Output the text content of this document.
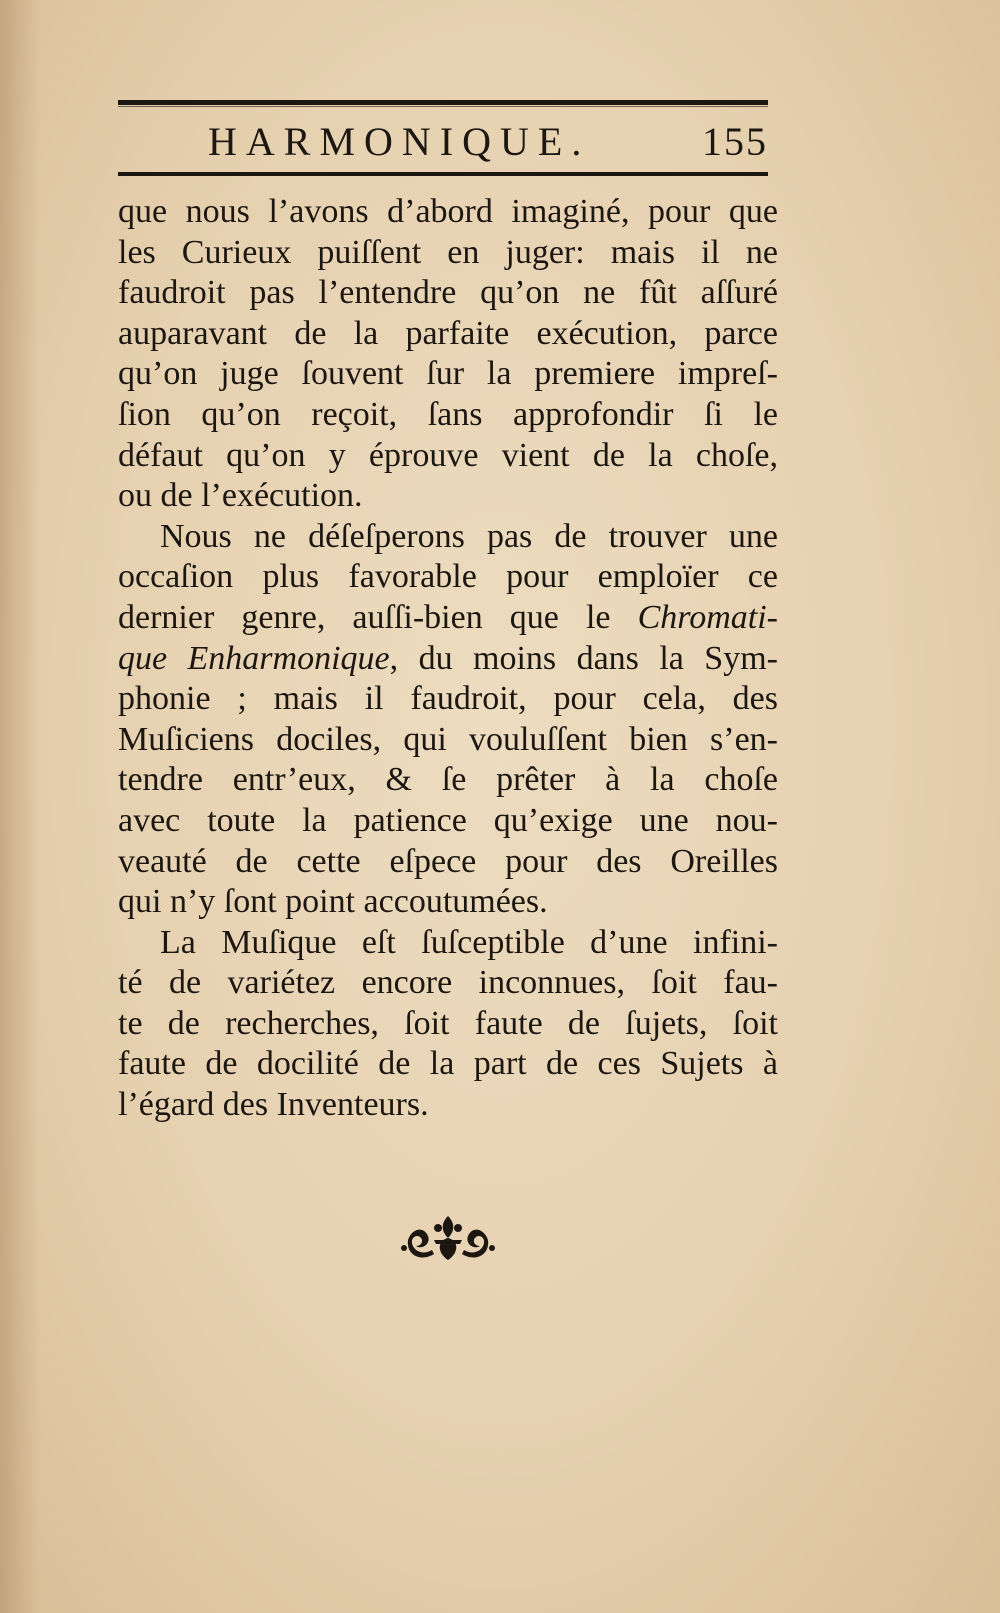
HARMONIQUE.	155
que nous l’avons d’abord imaginé, pour que
les Curieux puiſſent en juger: mais il ne
faudroit pas l’entendre qu’on ne fût aſſuré
auparavant de la parfaite exécution, parce
qu’on juge ſouvent ſur la premiere impreſ-
ſion qu’on reçoit, ſans approfondir ſi le
défaut qu’on y éprouve vient de la choſe,
ou de l’exécution.
Nous ne déſeſperons pas de trouver une
occaſion plus favorable pour emploïer ce
dernier genre, auſſi-bien que le Chromati-
que Enharmonique, du moins dans la Sym-
phonie ; mais il faudroit, pour cela, des
Muſiciens dociles, qui vouluſſent bien s’en-
tendre entr’eux, & ſe prêter à la choſe
avec toute la patience qu’exige une nou-
veauté de cette eſpece pour des Oreilles
qui n’y ſont point accoutumées.
La Muſique eſt ſuſceptible d’une infini-
té de variétez encore inconnues, ſoit fau-
te de recherches, ſoit faute de ſujets, ſoit
faute de docilité de la part de ces Sujets à
l’égard des Inventeurs.
